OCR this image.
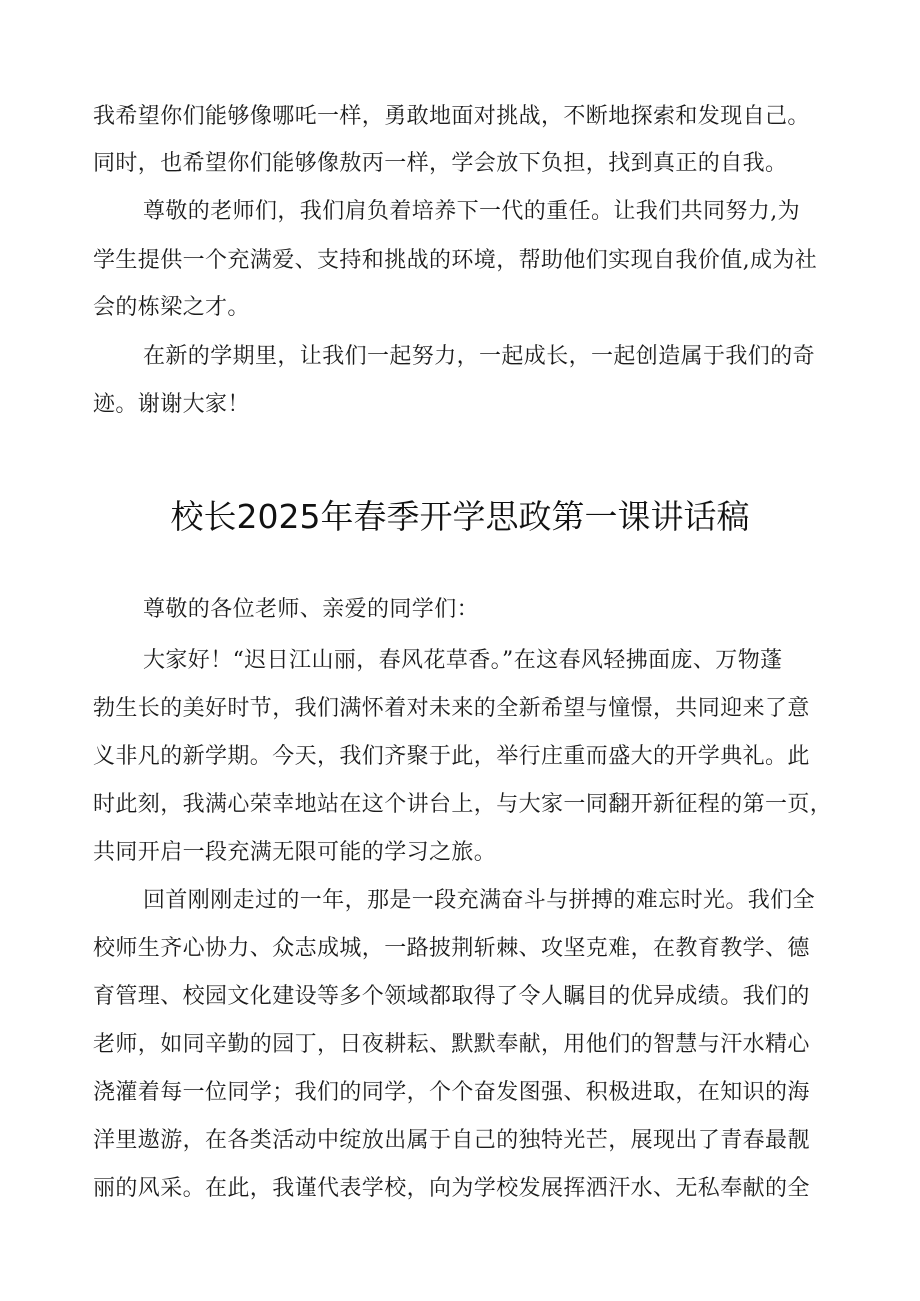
我希望你们能够像哪吒一样，勇敢地面对挑战，不断地探索和发现自己。
同时，也希望你们能够像敖丙一样，学会放下负担，找到真正的自我。
尊敬的老师们，我们肩负着培养下一代的重任。让我们共同努力,为
学生提供一个充满爱、支持和挑战的环境，帮助他们实现自我价值,成为社
会的栋梁之才。
在新的学期里，让我们一起努力，一起成长，一起创造属于我们的奇
迹。谢谢大家！
校长2025年春季开学思政第一课讲话稿
尊敬的各位老师、亲爱的同学们：
大家好！“迟日江山丽，春风花草香。”在这春风轻拂面庞、万物蓬
勃生长的美好时节，我们满怀着对未来的全新希望与憧憬，共同迎来了意
义非凡的新学期。今天，我们齐聚于此，举行庄重而盛大的开学典礼。此
时此刻，我满心荣幸地站在这个讲台上，与大家一同翻开新征程的第一页，
共同开启一段充满无限可能的学习之旅。
回首刚刚走过的一年，那是一段充满奋斗与拼搏的难忘时光。我们全
校师生齐心协力、众志成城，一路披荆斩棘、攻坚克难，在教育教学、德
育管理、校园文化建设等多个领域都取得了令人瞩目的优异成绩。我们的
老师，如同辛勤的园丁，日夜耕耘、默默奉献，用他们的智慧与汗水精心
浇灌着每一位同学；我们的同学，个个奋发图强、积极进取，在知识的海
洋里遨游，在各类活动中绽放出属于自己的独特光芒，展现出了青春最靓
丽的风采。在此，我谨代表学校，向为学校发展挥洒汗水、无私奉献的全
